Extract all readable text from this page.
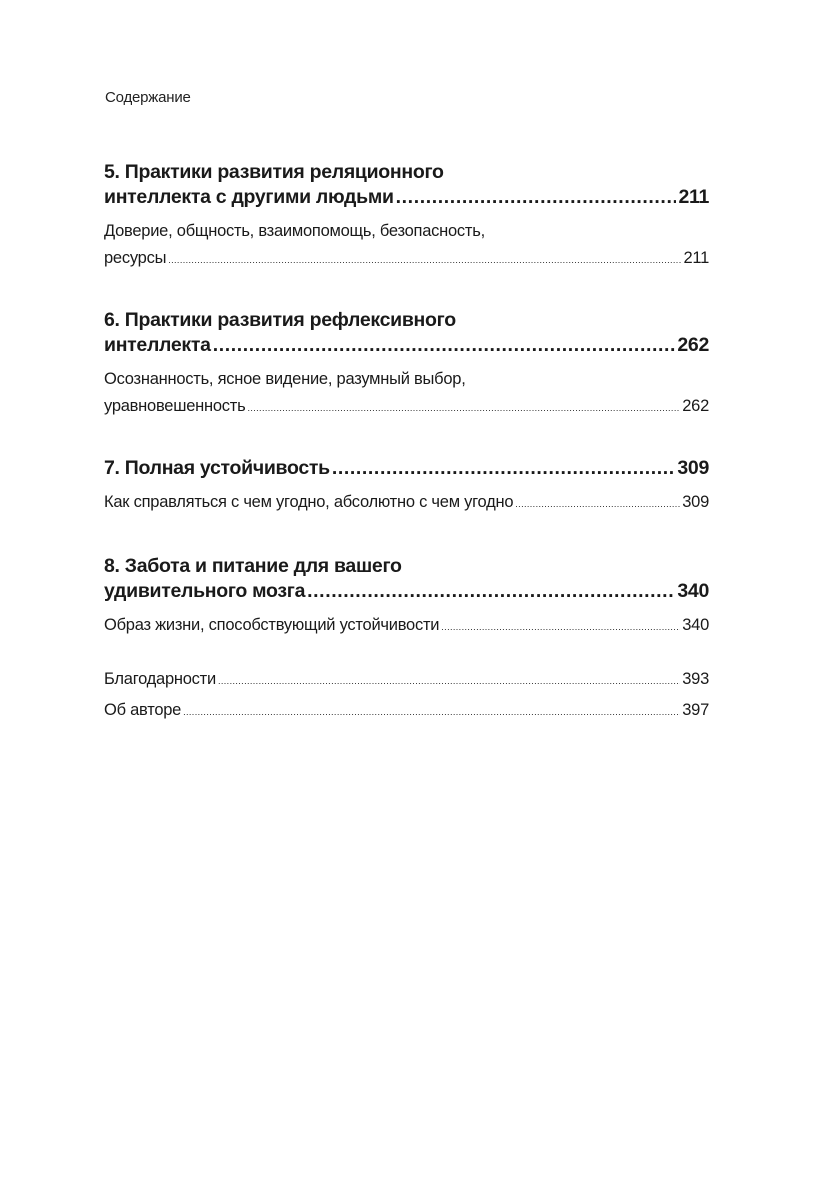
Содержание
5. Практики развития реляционного
интеллекта с другими людьми .....	211
Доверие, общность, взаимопомощь, безопасность,
ресурсы .....	211
6. Практики развития рефлексивного
интеллекта .....	262
Осознанность, ясное видение, разумный выбор,
уравновешенность .....	262
7. Полная устойчивость .....	309
Как справляться с чем угодно, абсолютно с чем угодно .....	309
8. Забота и питание для вашего
удивительного мозга .....	340
Образ жизни, способствующий устойчивости .....	340
Благодарности .....	393
Об авторе .....	397
